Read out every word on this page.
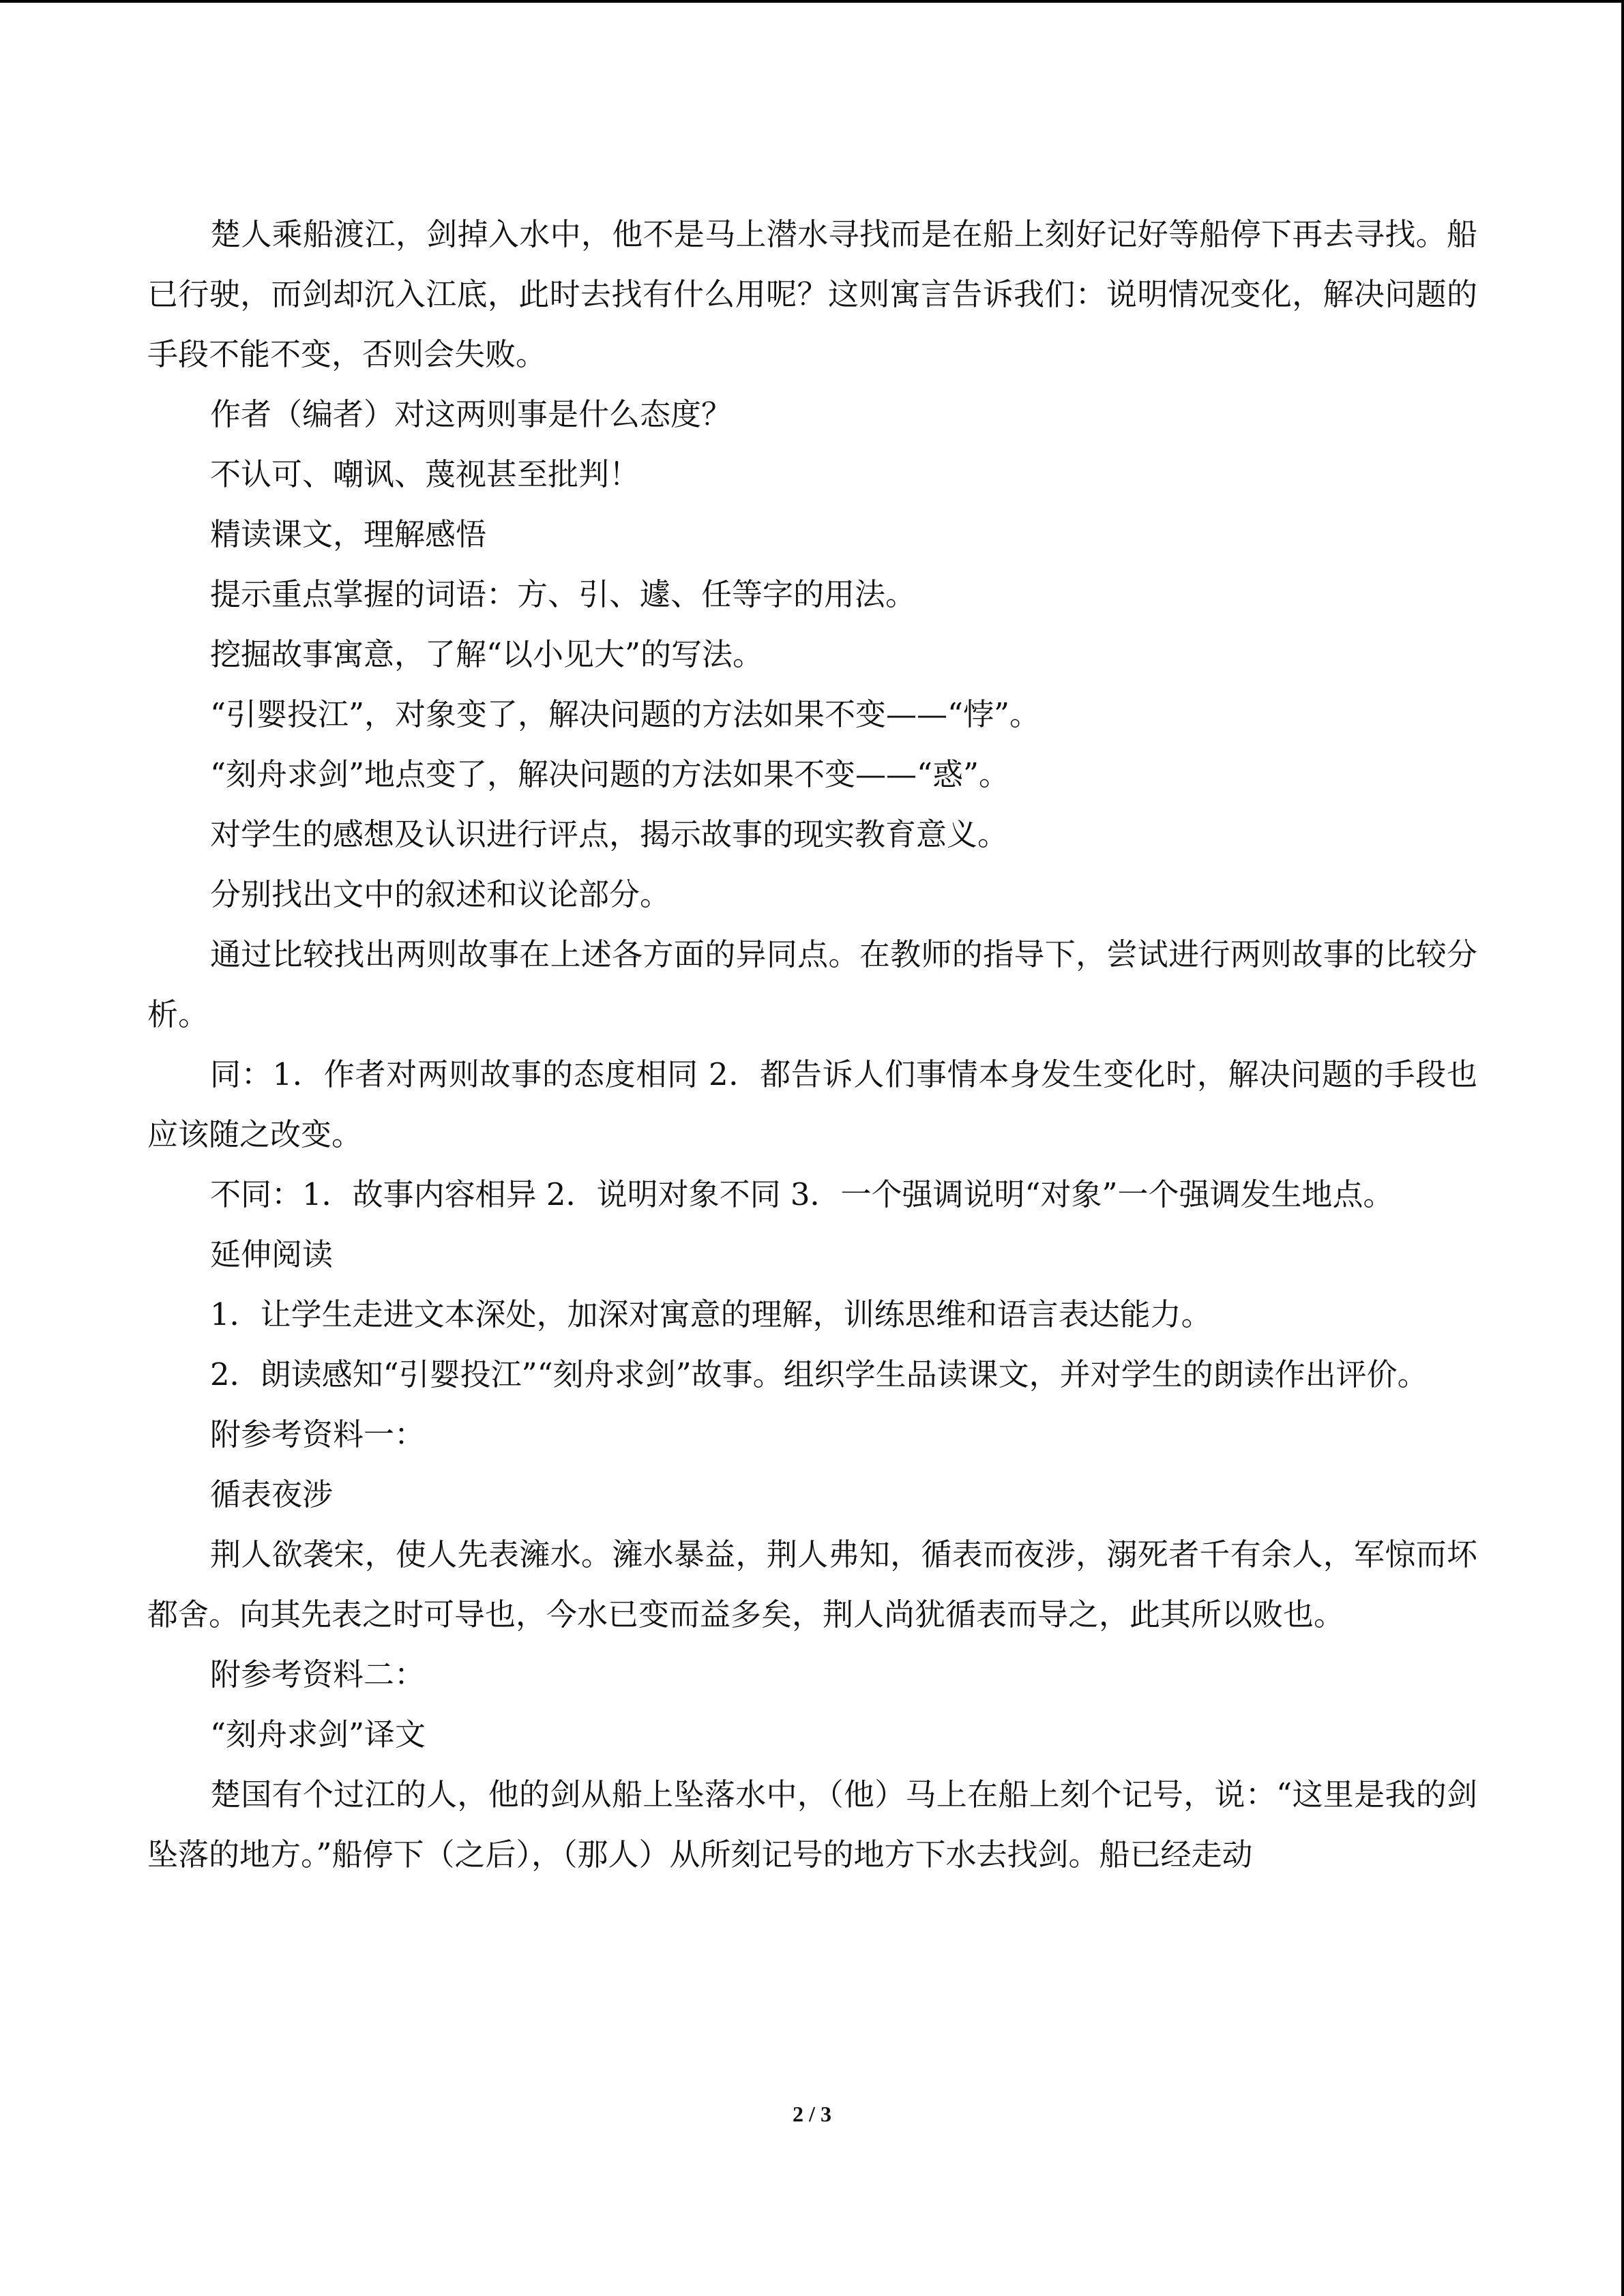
楚人乘船渡江，剑掉入水中，他不是马上潜水寻找而是在船上刻好记好等船停下再去寻找。船已行驶，而剑却沉入江底，此时去找有什么用呢？这则寓言告诉我们：说明情况变化，解决问题的手段不能不变，否则会失败。

作者（编者）对这两则事是什么态度？

不认可、嘲讽、蔑视甚至批判！

精读课文，理解感悟

提示重点掌握的词语：方、引、遽、任等字的用法。

挖掘故事寓意，了解“以小见大”的写法。

“引婴投江”，对象变了，解决问题的方法如果不变——“悖”。

“刻舟求剑”地点变了，解决问题的方法如果不变——“惑”。

对学生的感想及认识进行评点，揭示故事的现实教育意义。

分别找出文中的叙述和议论部分。

通过比较找出两则故事在上述各方面的异同点。在教师的指导下，尝试进行两则故事的比较分析。

同：1．作者对两则故事的态度相同 2．都告诉人们事情本身发生变化时，解决问题的手段也应该随之改变。

不同：1．故事内容相异 2．说明对象不同 3．一个强调说明“对象”一个强调发生地点。

延伸阅读

1．让学生走进文本深处，加深对寓意的理解，训练思维和语言表达能力。

2．朗读感知“引婴投江”“刻舟求剑”故事。组织学生品读课文，并对学生的朗读作出评价。

附参考资料一：

循表夜涉

荆人欲袭宋，使人先表澭水。澭水暴益，荆人弗知，循表而夜涉，溺死者千有余人，军惊而坏都舍。向其先表之时可导也，今水已变而益多矣，荆人尚犹循表而导之，此其所以败也。

附参考资料二：

“刻舟求剑”译文

楚国有个过江的人，他的剑从船上坠落水中，（他）马上在船上刻个记号，说：“这里是我的剑坠落的地方。”船停下（之后），（那人）从所刻记号的地方下水去找剑。船已经走动

2 / 3
